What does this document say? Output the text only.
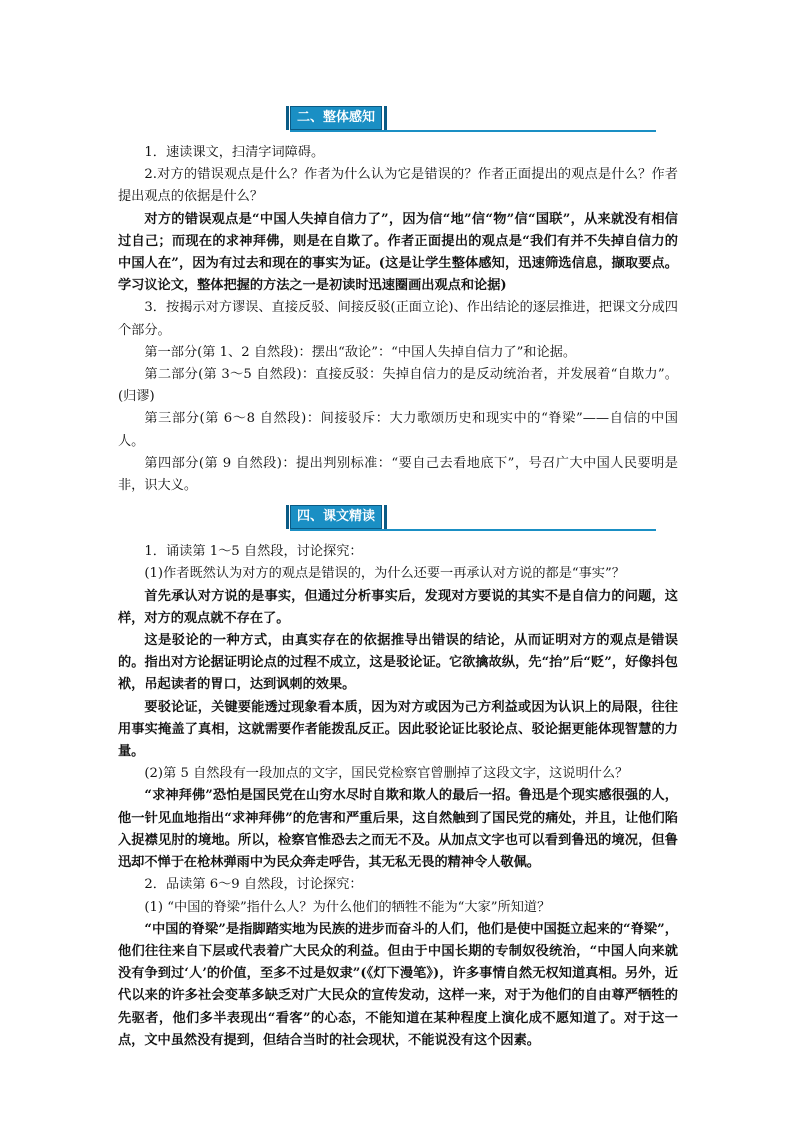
二、整体感知

1．速读课文，扫清字词障碍。

2.对方的错误观点是什么？作者为什么认为它是错误的？作者正面提出的观点是什么？作者提出观点的依据是什么？

对方的错误观点是“中国人失掉自信力了”，因为信“地”信“物”信“国联”，从来就没有相信过自己；而现在的求神拜佛，则是在自欺了。作者正面提出的观点是“我们有并不失掉自信力的中国人在”，因为有过去和现在的事实为证。(这是让学生整体感知，迅速筛选信息，撷取要点。学习议论文，整体把握的方法之一是初读时迅速圈画出观点和论据)

3．按揭示对方谬误、直接反驳、间接反驳(正面立论)、作出结论的逐层推进，把课文分成四个部分。

第一部分(第 1、2 自然段)：摆出“敌论”：“中国人失掉自信力了”和论据。

第二部分(第 3～5 自然段)：直接反驳：失掉自信力的是反动统治者，并发展着“自欺力”。(归谬)

第三部分(第 6～8 自然段)：间接驳斥：大力歌颂历史和现实中的“脊梁”——自信的中国人。

第四部分(第 9 自然段)：提出判别标准：“要自己去看地底下”，号召广大中国人民要明是非，识大义。

四、课文精读

1．诵读第 1～5 自然段，讨论探究：

(1)作者既然认为对方的观点是错误的，为什么还要一再承认对方说的都是“事实”？

首先承认对方说的是事实，但通过分析事实后，发现对方要说的其实不是自信力的问题，这样，对方的观点就不存在了。

这是驳论的一种方式，由真实存在的依据推导出错误的结论，从而证明对方的观点是错误的。指出对方论据证明论点的过程不成立，这是驳论证。它欲擒故纵，先“抬”后“贬”，好像抖包袱，吊起读者的胃口，达到讽刺的效果。

要驳论证，关键要能透过现象看本质，因为对方或因为己方利益或因为认识上的局限，往往用事实掩盖了真相，这就需要作者能拨乱反正。因此驳论证比驳论点、驳论据更能体现智慧的力量。

(2)第 5 自然段有一段加点的文字，国民党检察官曾删掉了这段文字，这说明什么？

“求神拜佛”恐怕是国民党在山穷水尽时自欺和欺人的最后一招。鲁迅是个现实感很强的人，他一针见血地指出“求神拜佛”的危害和严重后果，这自然触到了国民党的痛处，并且，让他们陷入捉襟见肘的境地。所以，检察官惟恐去之而无不及。从加点文字也可以看到鲁迅的境况，但鲁迅却不惮于在枪林弹雨中为民众奔走呼告，其无私无畏的精神令人敬佩。

2．品读第 6～9 自然段，讨论探究：

(1) “中国的脊梁”指什么人？为什么他们的牺牲不能为“大家”所知道？

“中国的脊梁”是指脚踏实地为民族的进步而奋斗的人们，他们是使中国挺立起来的“脊梁”，他们往往来自下层或代表着广大民众的利益。但由于中国长期的专制奴役统治，“中国人向来就没有争到过‘人’的价值，至多不过是奴隶”(《灯下漫笔》)，许多事情自然无权知道真相。另外，近代以来的许多社会变革多缺乏对广大民众的宣传发动，这样一来，对于为他们的自由尊严牺牲的先驱者，他们多半表现出“看客”的心态，不能知道在某种程度上演化成不愿知道了。对于这一点，文中虽然没有提到，但结合当时的社会现状，不能说没有这个因素。
